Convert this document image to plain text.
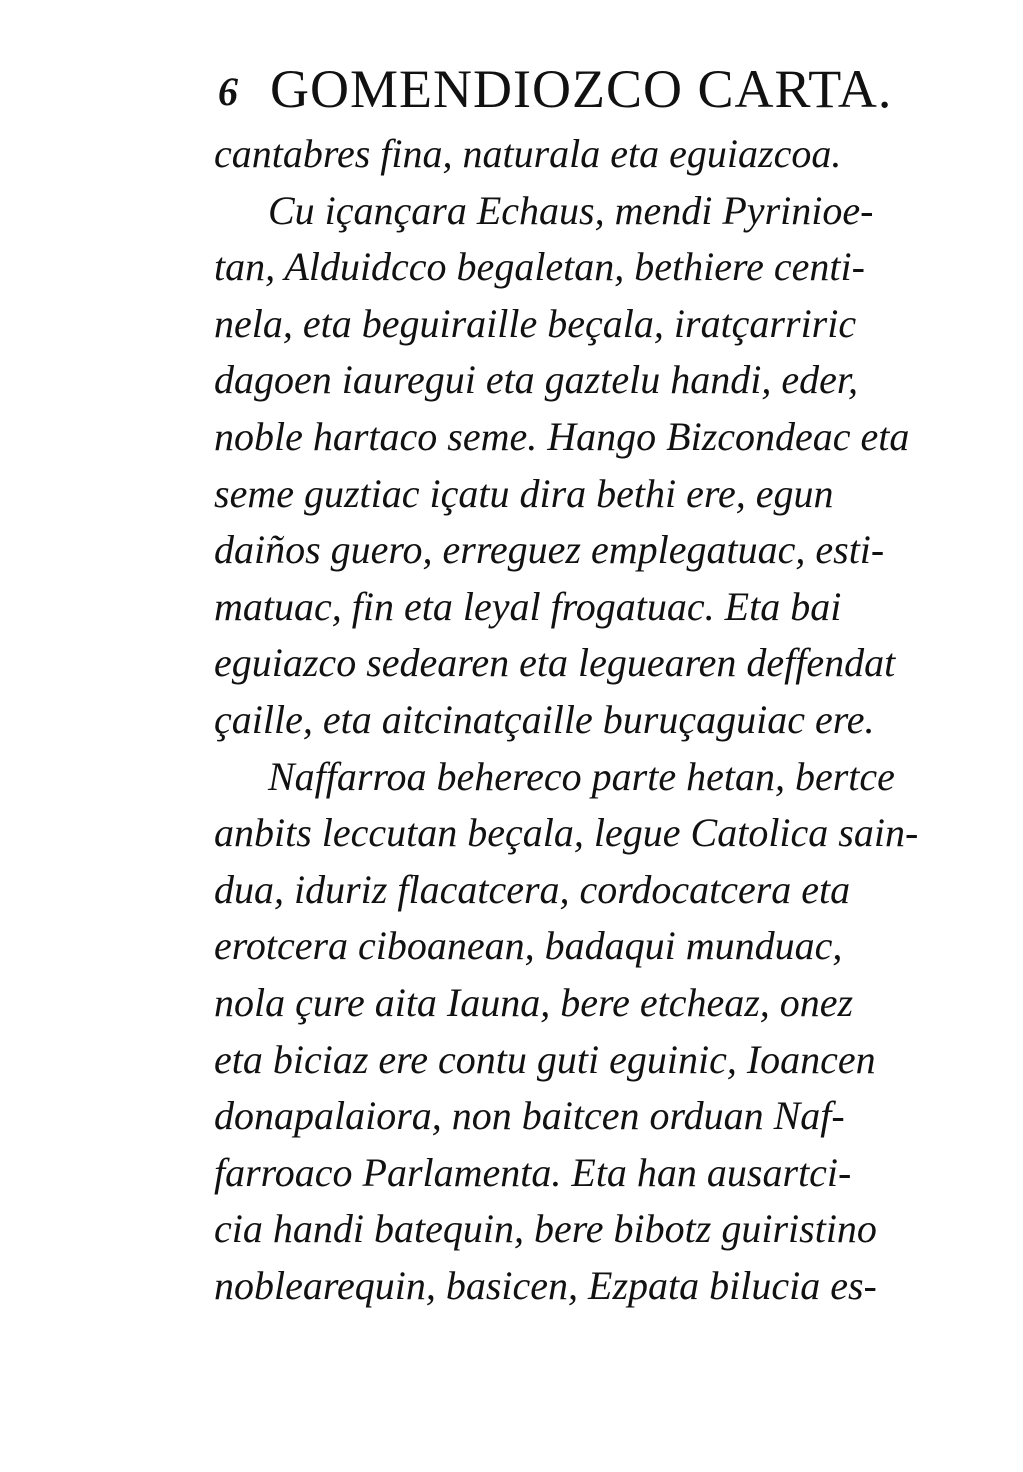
6 GOMENDIOZCO CARTA.
cantabres fina, naturala eta eguiazcoa.
Cu içançara Echaus, mendi Pyrinioe-
tan, Alduidcco begaletan, bethiere centi-
nela, eta beguiraille beçala, iratçarriric
dagoen iauregui eta gaztelu handi, eder,
noble hartaco seme. Hango Bizcondeac eta
seme guztiac içatu dira bethi ere, egun
daiños guero, erreguez emplegatuac, esti-
matuac, fin eta leyal frogatuac. Eta bai
eguiazco sedearen eta leguearen deffendat
çaille, eta aitcinatçaille buruçaguiac ere.
Naffarroa behereco parte hetan, bertce
anbits leccutan beçala, legue Catolica sain-
dua, iduriz flacatcera, cordocatcera eta
erotcera ciboanean, badaqui munduac,
nola çure aita Iauna, bere etcheaz, onez
eta biciaz ere contu guti eguinic, Ioancen
donapalaiora, non baitcen orduan Naf-
farroaco Parlamenta. Eta han ausartci-
cia handi batequin, bere bibotz guiristino
noblearequin, basicen, Ezpata bilucia es-
